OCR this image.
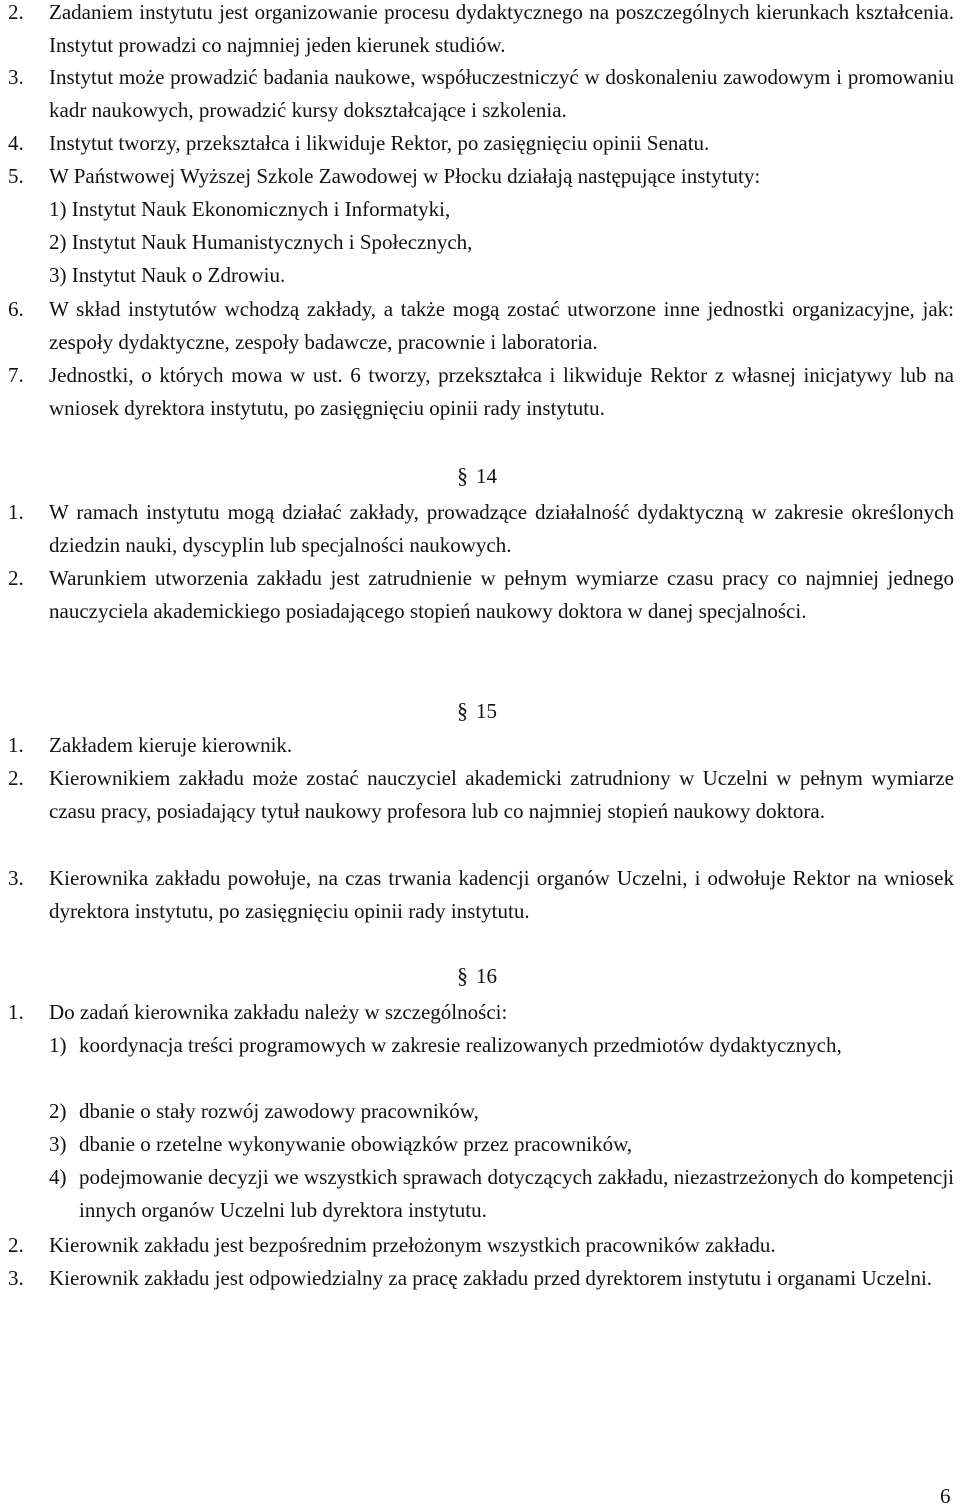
2. Zadaniem instytutu jest organizowanie procesu dydaktycznego na poszczególnych kierunkach kształcenia. Instytut prowadzi co najmniej jeden kierunek studiów.
3. Instytut może prowadzić badania naukowe, współuczestniczyć w doskonaleniu zawodowym i promowaniu kadr naukowych, prowadzić kursy dokształcające i szkolenia.
4. Instytut tworzy, przekształca i likwiduje Rektor, po zasięgnięciu opinii Senatu.
5. W Państwowej Wyższej Szkole Zawodowej w Płocku działają następujące instytuty:
1) Instytut Nauk Ekonomicznych i Informatyki,
2) Instytut Nauk Humanistycznych i Społecznych,
3) Instytut Nauk o Zdrowiu.
6. W skład instytutów wchodzą zakłady, a także mogą zostać utworzone inne jednostki organizacyjne, jak: zespoły dydaktyczne, zespoły badawcze, pracownie i laboratoria.
7. Jednostki, o których mowa w ust. 6 tworzy, przekształca i likwiduje Rektor z własnej inicjatywy lub na wniosek dyrektora instytutu, po zasięgnięciu opinii rady instytutu.
§ 14
1. W ramach instytutu mogą działać zakłady, prowadzące działalność dydaktyczną w zakresie określonych dziedzin nauki, dyscyplin lub specjalności naukowych.
2. Warunkiem utworzenia zakładu jest zatrudnienie w pełnym wymiarze czasu pracy co najmniej jednego nauczyciela akademickiego posiadającego stopień naukowy doktora w danej specjalności.
§ 15
1. Zakładem kieruje kierownik.
2. Kierownikiem zakładu może zostać nauczyciel akademicki zatrudniony w Uczelni w pełnym wymiarze czasu pracy, posiadający tytuł naukowy profesora lub co najmniej stopień naukowy doktora.
3. Kierownika zakładu powołuje, na czas trwania kadencji organów Uczelni, i odwołuje Rektor na wniosek dyrektora instytutu, po zasięgnięciu opinii rady instytutu.
§ 16
1. Do zadań kierownika zakładu należy w szczególności:
1) koordynacja treści programowych w zakresie realizowanych przedmiotów dydaktycznych,
2) dbanie o stały rozwój zawodowy pracowników,
3) dbanie o rzetelne wykonywanie obowiązków przez pracowników,
4) podejmowanie decyzji we wszystkich sprawach dotyczących zakładu, niezastrzeżonych do kompetencji innych organów Uczelni lub dyrektora instytutu.
2. Kierownik zakładu jest bezpośrednim przełożonym wszystkich pracowników zakładu.
3. Kierownik zakładu jest odpowiedzialny za pracę zakładu przed dyrektorem instytutu i organami Uczelni.
6
